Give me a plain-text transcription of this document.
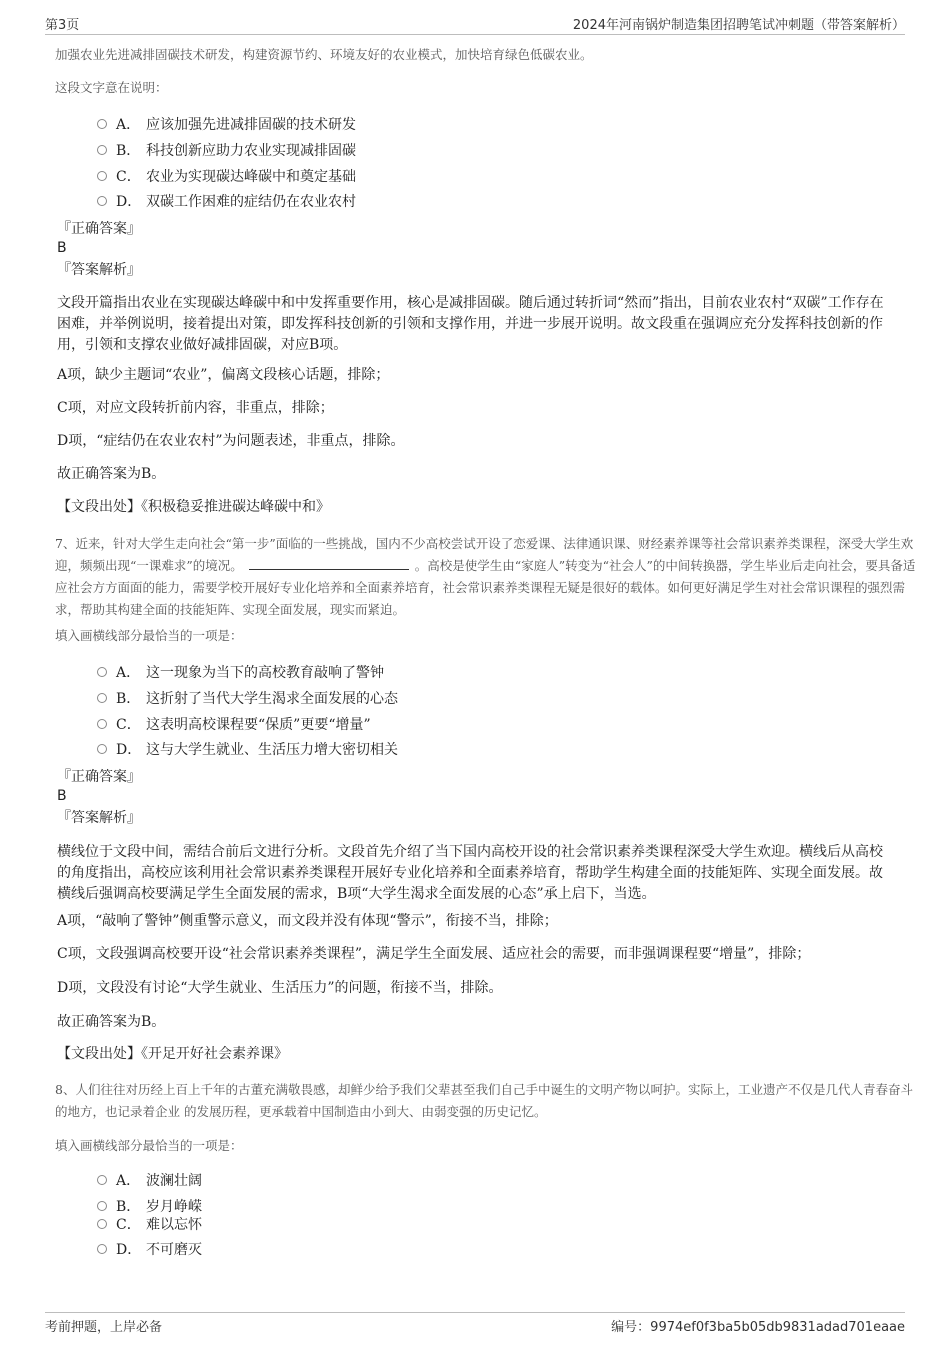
第3页	2024年河南锅炉制造集团招聘笔试冲刺题（带答案解析）
加强农业先进减排固碳技术研发，构建资源节约、环境友好的农业模式，加快培育绿色低碳农业。
这段文字意在说明：
A． 应该加强先进减排固碳的技术研发
B． 科技创新应助力农业实现减排固碳
C． 农业为实现碳达峰碳中和奠定基础
D． 双碳工作困难的症结仍在农业农村
『正确答案』
B
『答案解析』
文段开篇指出农业在实现碳达峰碳中和中发挥重要作用，核心是减排固碳。随后通过转折词“然而”指出，目前农业农村“双碳”工作存在困难，并举例说明，接着提出对策，即发挥科技创新的引领和支撑作用，并进一步展开说明。故文段重在强调应充分发挥科技创新的作用，引领和支撑农业做好减排固碳，对应B项。
A项，缺少主题词“农业”，偏离文段核心话题，排除；
C项，对应文段转折前内容，非重点，排除；
D项，“症结仍在农业农村”为问题表述，非重点，排除。
故正确答案为B。
【文段出处】《积极稳妥推进碳达峰碳中和》
7、近来，针对大学生走向社会“第一步”面临的一些挑战，国内不少高校尝试开设了恋爱课、法律通识课、财经素养课等社会常识素养类课程，深受大学生欢迎，频频出现“一课难求”的境况。	。高校是使学生由“家庭人”转变为“社会人”的中间转换器，学生毕业后走向社会，要具备适应社会方方面面的能力，需要学校开展好专业化培养和全面素养培育，社会常识素养类课程无疑是很好的载体。如何更好满足学生对社会常识课程的强烈需求，帮助其构建全面的技能矩阵、实现全面发展，现实而紧迫。
填入画横线部分最恰当的一项是：
A． 这一现象为当下的高校教育敲响了警钟
B． 这折射了当代大学生渴求全面发展的心态
C． 这表明高校课程要“保质”更要“增量”
D． 这与大学生就业、生活压力增大密切相关
『正确答案』
B
『答案解析』
横线位于文段中间，需结合前后文进行分析。文段首先介绍了当下国内高校开设的社会常识素养类课程深受大学生欢迎。横线后从高校的角度指出，高校应该利用社会常识素养类课程开展好专业化培养和全面素养培育，帮助学生构建全面的技能矩阵、实现全面发展。故横线后强调高校要满足学生全面发展的需求，B项“大学生渴求全面发展的心态”承上启下，当选。
A项，“敲响了警钟”侧重警示意义，而文段并没有体现“警示”，衔接不当，排除；
C项，文段强调高校要开设“社会常识素养类课程”，满足学生全面发展、适应社会的需要，而非强调课程要“增量”，排除；
D项，文段没有讨论“大学生就业、生活压力”的问题，衔接不当，排除。
故正确答案为B。
【文段出处】《开足开好社会素养课》
8、人们往往对历经上百上千年的古董充满敬畏感，却鲜少给予我们父辈甚至我们自己手中诞生的文明产物以呵护。实际上，工业遗产不仅是几代人青春奋斗的地方，也记录着企业 的发展历程，更承载着中国制造由小到大、由弱变强的历史记忆。
填入画横线部分最恰当的一项是：
A． 波澜壮阔
B． 岁月峥嵘
C． 难以忘怀
D． 不可磨灭
考前押题，上岸必备	编号：9974ef0f3ba5b05db9831adad701eaae
